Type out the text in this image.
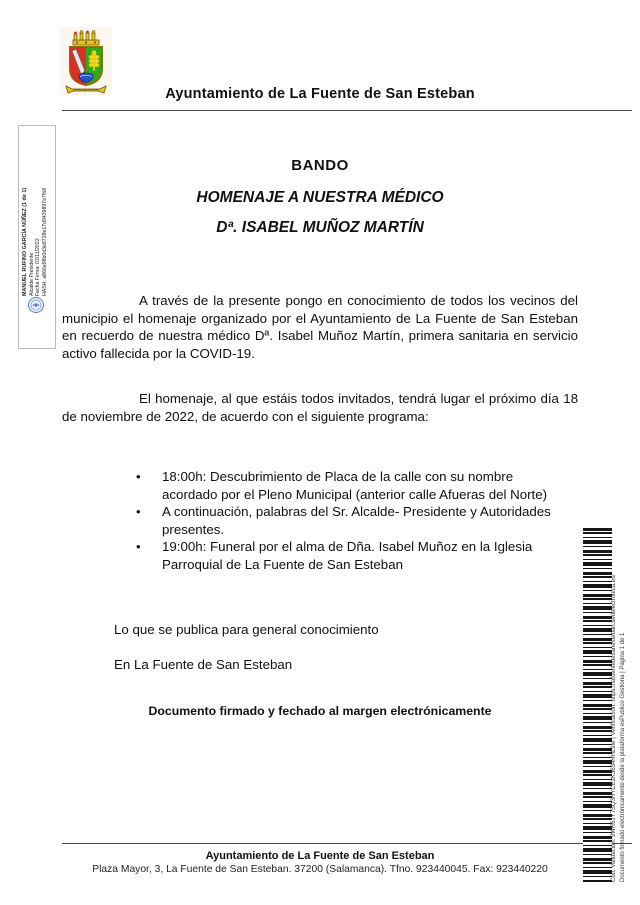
Ayuntamiento de La Fuente de San Esteban
MANUEL RUFINO GARCÍA NÚÑEZ (1 de 1) Alcalde Presidente Fecha Firma: 03/11/2022 HASH: a866e98b0d3e8728e17d9439897e7fb8
BANDO
HOMENAJE A NUESTRA MÉDICO
Dª. ISABEL MUÑOZ MARTÍN
A través de la presente pongo en conocimiento de todos los vecinos del municipio el homenaje organizado por el Ayuntamiento de La Fuente de San Esteban en recuerdo de nuestra médico Dª. Isabel Muñoz Martín, primera sanitaria en servicio activo fallecida por la COVID-19.
El homenaje, al que estáis todos invitados, tendrá lugar el próximo día 18 de noviembre de 2022, de acuerdo con el siguiente programa:
• 18:00h: Descubrimiento de Placa de la calle con su nombre acordado por el Pleno Municipal (anterior calle Afueras del Norte)
• A continuación, palabras del Sr. Alcalde- Presidente y Autoridades presentes.
• 19:00h: Funeral por el alma de Dña. Isabel Muñoz en la Iglesia Parroquial de La Fuente de San Esteban
Lo que se publica para general conocimiento
En La Fuente de San Esteban
Documento firmado y fechado al margen electrónicamente
Ayuntamiento de La Fuente de San Esteban
Plaza Mayor, 3, La Fuente de San Esteban. 37200 (Salamanca). Tfno. 923440045. Fax: 923440220	Cód. Validación: 9WR6JY7SQ3HYCE2K3634HHL9M | Verificación: https://lafuentedesanesteban.sedelectronica.es/ Documento firmado electrónicamente desde la plataforma esPublico Gestiona | Página 1 de 1
